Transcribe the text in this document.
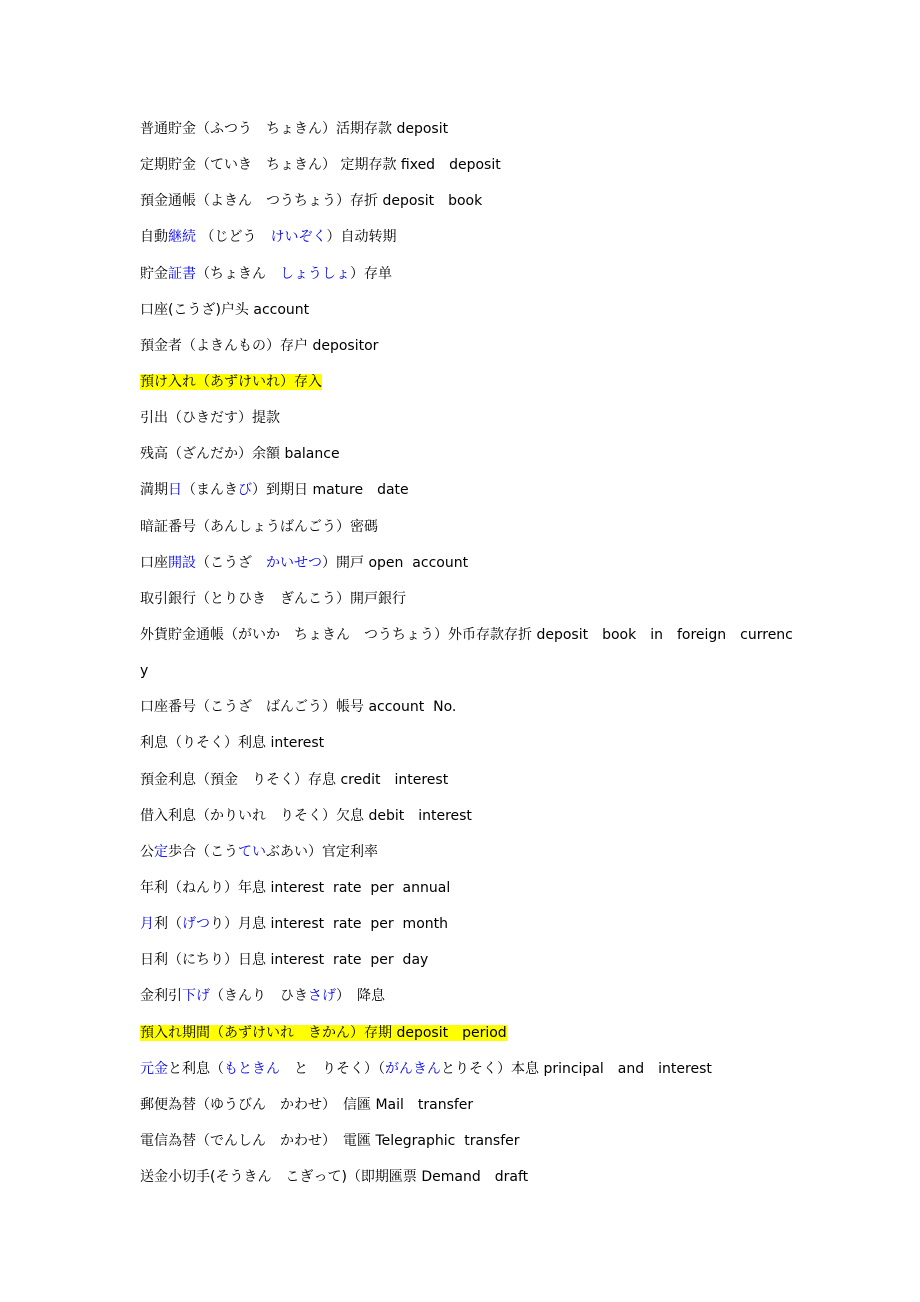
普通貯金（ふつう　ちょきん）活期存款 deposit
定期貯金（ていき　ちょきん） 定期存款 fixed　deposit
預金通帳（よきん　つうちょう）存折 deposit　book
自動継続 （じどう　けいぞく）自动转期
貯金証書（ちょきん　しょうしょ）存单
口座(こうざ)户头 account
預金者（よきんもの）存户 depositor
預け入れ（あずけいれ）存入
引出（ひきだす）提款
残高（ざんだか）余額 balance
満期日（まんきび）到期日 mature　date
暗証番号（あんしょうばんごう）密碼
口座開設（こうざ　かいせつ）開戸 open  account
取引銀行（とりひき　ぎんこう）開戸銀行
外貨貯金通帳（がいか　ちょきん　つうちょう）外币存款存折 deposit　book　in　foreign　currenc
y
口座番号（こうざ　ばんごう）帳号 account  No.
利息（りそく）利息 interest
預金利息（預金　りそく）存息 credit　interest
借入利息（かりいれ　りそく）欠息 debit　interest
公定歩合（こうていぶあい）官定利率
年利（ねんり）年息 interest  rate  per  annual
月利（げつり）月息 interest  rate  per  month
日利（にちり）日息 interest  rate  per  day
金利引下げ（きんり　ひきさげ）　降息
預入れ期間（あずけいれ　きかん）存期 deposit　period
元金と利息（もときん　と　りそく）（がんきんとりそく）本息 principal　and　interest
郵便為替（ゆうびん　かわせ）　信匯 Mail　transfer
電信為替（でんしん　かわせ）　電匯 Telegraphic  transfer
送金小切手(そうきん　こぎって)（即期匯票 Demand　draft
